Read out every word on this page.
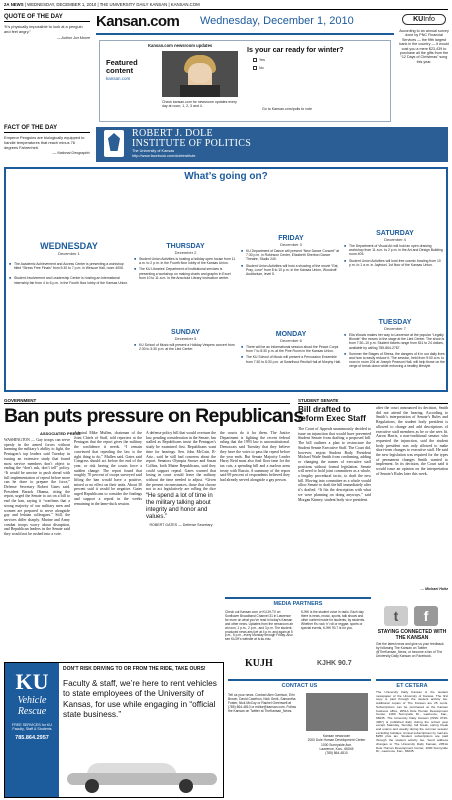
2A NEWS | WEDNESDAY, DECEMBER 1, 2010 | THE UNIVERSITY DAILY KANSAN | KANSAN.COM
QUOTE OF THE DAY
“It’s physically impossible to look at a penguin and feel angry.”
— Author Jon Moore
FACT OF THE DAY
Emperor Penguins are biologically equipped to handle temperatures that reach minus 76 degrees Fahrenheit.
— National Geographic
Kansan.com Wednesday, December 1, 2010
Kansan.com newsroom updates
Featured
content
kansan.com
Check kansan.com for newsroom updates every day at noon, 1, 2, 3 and 4.
Is your car ready for winter?
Yes
No
Go to Kansan.com/polls to vote
KUInfo
According to an annual survey done by PNC Financial Services — the fifth largest bank in the country — it would cost you a mere $23,439 to purchase all the gifts from the “12 Days of Christmas” song this year.
ROBERT J. DOLE
INSTITUTE OF POLITICS
The University of Kansas
http://www.facebook.com/doleinstitute
What’s going on?
WEDNESDAY
December 1
■ The Academic Achievement and Access Center is presenting a workshop titled “Stress Free Finals” from 5:30 to 7 p.m. in Wescoe Hall, room 4006.
■ Student Involvement and Leadership Center is hosting an international internship fair from 4 to 6 p.m. in the Fourth floor lobby of the Kansas Union.
THURSDAY
December 2
■ Student Union Activities is hosting a holiday open house from 11 a.m. to 2 p.m. in the Fourth floor lobby of the Kansas Union.
■ The KU Libraries’ Department of Institutional services is presenting a workshop on making charts and graphs in Excel from 10 to 11 a.m. in the Anschutz Library instruction center.
FRIDAY
December 3
■ KU Department of Dance will present “New Dance Concert” at 7:30 p.m. in Robinson Center, Elizabeth Sherbon Dance Theatre, Studio 240.
■ Student Union Activities will host a showing of the movie “Eat, Pray, Love” from 8 to 10 p.m. in the Kansas Union, Woodruff Auditorium, level 5.
SATURDAY
December 4
■ The Department of Visual Art will hold an open drawing workshop from 11 a.m. to 2 p.m. in the Art and Design Building room 405.
■ Student Union Activities will host free cosmic bowling from 10 p.m. to 1 a.m. in Jaybowl, 1st floor of the Kansas Union.
SUNDAY
December 5
■ KU School of Music will present a Holiday Vespers concert from 2:30 to 3:30 p.m. at the Lied Center.
MONDAY
December 6
■ There will be an informational session about the Peace Corps from 7 to 8:30 p.m. at the Pine Room in the Kansas Union.
■ The KU School of Music will present a Percussion Ensemble from 7:30 to 8:30 p.m. at Swarthout Recital Hall at Murphy Hall.
TUESDAY
December 7
■ Ella Woods makes her way to Lawrence at the popular “Legally Blonde” film moves to the stage at the Lied Center. The show is from 7:30–10 p.m. Student tickets range from $11 to 24 dollars, available by calling 785-864-2787.
■ Summer the Stages of Stress, the dangers of it in our daily lives and how to easily reduce it. The session, held from 9:00 a.m. to noon in room 204 at Joseph Pearson Hall, will help those on the verge of break down while enforcing a healthy lifestyle.
GOVERNMENT
Ban puts pressure on Republicans
ASSOCIATED PRESS
WASHINGTON — Gay troops can serve openly in the armed forces without harming the military’s ability to fight, the Pentagon’s top leaders said Tuesday in issuing an extensive study that found most service members don’t object to ending the “don’t ask, don’t tell” policy. “It would be unwise to push ahead with full implementation of repeal before more can be done to prepare the force,” Defense Secretary Robert Gates said. President Barack Obama, citing the report, urged the Senate to act on a bill to end the ban, saying it “confirms that a strong majority of our military men and women are prepared to serve alongside gay and lesbian colleagues.” Still, the services differ sharply. Marine and Army combat troops worry about disruption, and Republican leaders in the Senate said they would not be rushed into a vote.
Admiral Mike Mullen, chairman of the Joint Chiefs of Staff, told reporters at the Pentagon that the report gives the military the confidence it needs. “I remain convinced that repealing the law is the right thing to do,” Mullen said. Gates said Congress should act before the end of the year, or risk having the courts force a sudden change. The report found that roughly 70 percent of troops surveyed said lifting the ban would have a positive, mixed or no effect on their units. About 30 percent said it would be negative. Gates urged Republicans to consider the findings and support a repeal in the weeks remaining in the lame-duck session.
A defense policy bill that would overturn the law, pending consideration in the Senate, has stalled as Republicans insist the Pentagon’s study be examined first. Republicans want time for hearings. Sen. John McCain, R-Ariz., said he still had concerns about the report. Senators Olympia Snowe and Susan Collins, both Maine Republicans, said they could support repeal. Gates warned that losing in court would leave the military without the time needed to adjust. “Given the present circumstances, those that choose not to act legislatively are rolling the dice
“He spend a lot of time in the military talking about integrity and honor and values.”
ROBERT GATES — Defense Secretary
the courts do it for them. The Justice Department is fighting the recent federal ruling that the 1993 law is unconstitutional. Democrats said Tuesday that they believe they have the votes to pass the repeal before the year ends. But Senate Majority Leader Harry Reid must also find floor time for the tax cuts, a spending bill and a nuclear arms treaty with Russia. A summary of the report said 69 percent of respondents believed they had already served alongside a gay person.
STUDENT SENATE
Bill drafted to reform Exec Staff
The Court of Appeals unanimously decided to issue an injunction that would have prevented Student Senate from drafting a proposed bill. The bill outlines a plan to restructure the Student Senate Executive Staff. The Court did, however, enjoin Student Body President Michael Wade Smith from confirming, adding or changing the names of executive staff positions without formal legislation. Senate will need to hold joint committees as a whole, a lengthy procedural tactic, to draft the new bill. Moving into committee as a whole would allow Senate to draft the bill immediately after it’s drafted. “It fits the description with what we were planning on doing anyways,” said Morgan Kinney, student body vice president.
after the court announced its decision, Smith did not attend the hearing. According to Smith’s interpretation of Senate’s Rules and Regulations, the student body president is allowed to change and add descriptions of executive staff members as he or she sees fit. Aaron Harris, a non-traditional senator who requested the injunction, said the student body president was only allowed to make short-term changes to executive staff. He said the new legislation was required for the types of permanent changes Smith wanted to implement. In its decision, the Court said it would issue an opinion on the interpretation of Senate’s Rules later this week.
— Michael Holtz
MEDIA PARTNERS
Check out Kansan.com or KUJH-TV on Sunflower Broadband Channel 31 in Lawrence for more on what you’ve read in today’s Kansan and other news. Updates from the newsroom air at noon, 1 p.m., 2 p.m., and 3 p.m. The student-produced news airs live at 4 p.m. and again at 5 p.m., 6 p.m., every Monday through Friday. Also see KUJH’s website at tv.ku.edu.
KJHK is the student voice in radio. Each day there is news, music, sports, talk shows and other content made for students, by students. Whether it’s rock ‘n’ roll or reggae, sports or special events, KJHK 90.7 is for you.
KUJH	KJHK 90.7
t	f
STAYING CONNECTED WITH THE KANSAN
Get the latest news and give us your feedback by following The Kansan on Twitter @TheKansan_News, or become a fan of The University Daily Kansan on Facebook.
KU
Vehicle
Rescue
FREE SERVICES for KU Faculty, Staff & Students
785.864.2957
DON’T RISK DRIVING TO OR FROM THE RIDE, TAKE OURS!
Faculty & staff, we’re here to rent vehicles to state employees of the University of Kansas, for use while engaging in “official state business.”
CONTACT US
Tell us your news. Contact Alex Garrison, Erin Brown, David Cawthon, Nick Gerik, Samantha Foster, Nick McCoy or Rachel Greenwell at (785) 864-4810 or editor@kansan.com. Follow the Kansan on Twitter at TheKansan_News.
Kansan newsroom
2000 Dole Human Development Center
1000 Sunnyside Ave.
Lawrence, Kan., 66045
(785) 864-4810
ET CETERA
The University Daily Kansan is the student newspaper of the University of Kansas. The first copy is paid through the student activity fee. Additional copies of The Kansan are 25 cents. Subscriptions can be purchased at the Kansan business office, 2051A Dole Human Development Center, 1000 Sunnyside Dr., Lawrence, Kan., 66045. The University Daily Kansan (ISSN 0746-4967) is published daily during the school year except Saturday, Sunday, fall break, spring break and exams and weekly during the summer session excluding holidays. Annual subscriptions by mail are $250 plus tax. Student subscriptions are paid through the student activity fee. Send address changes to The University Daily Kansan, 2051A Dole Human Development Center, 1000 Sunnyside Dr., Lawrence, Kan., 66045.
